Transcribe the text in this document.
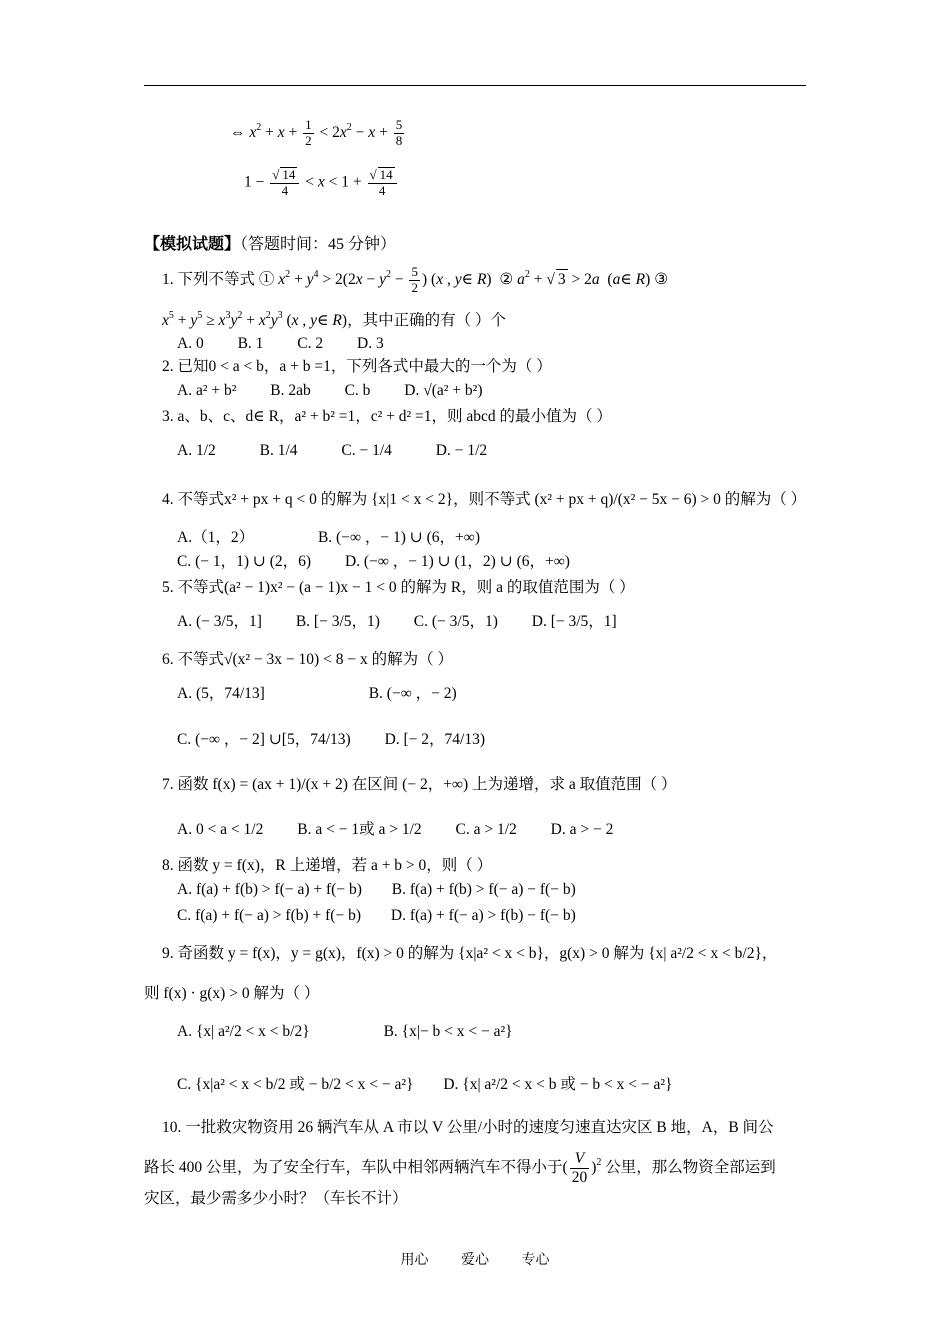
⇔ $x^2 + x + \frac{1}{2} < 2x^2 - x + \frac{5}{8}$
1 − √ $\frac{14}{4} < x < 1$ + √ $\frac{14}{4}$
【模拟试题】（答题时间：45 分钟）
1. 下列不等式 ① $x^2 + y^4 > 2(2x - y^2 - \frac{5}{2}$ ) (x , y∈ R)  ② $a^2$ + √ 3 > 2a  (a∈ R) ③
$x^5 + y^5 \ge x^3y^2 + x^2y^3$ (x , y∈ R)，其中正确的有（ ）个
A. 0 B. 1 C. 2 D. 3
2. 已知0 < a < b，a + b =1，下列各式中最大的一个为（ ）
A. a² + b² B. 2ab C. b D. √(a² + b²)
3. a、b、c、d∈ R，a² + b² =1，c² + d² =1，则 abcd 的最小值为（ ）
A. 1/2	B. 1/4	C. − 1/4	D. − 1/2
4. 不等式x² + px + q < 0 的解为 {x|1 < x < 2}，则不等式 (x² + px + q)/(x² − 5x − 6) > 0 的解为（ ）
A.（1，2）	B. (−∞ ，− 1) ∪ (6，+∞)
C. (− 1，1) ∪ (2，6) D. (−∞ ，− 1) ∪ (1，2) ∪ (6，+∞)
5. 不等式(a² − 1)x² − (a − 1)x − 1 < 0 的解为 R，则 a 的取值范围为（ ）
A. (− 3/5，1] B. [− 3/5，1) C. (− 3/5，1) D. [− 3/5，1]
6. 不等式√(x² − 3x − 10) < 8 − x 的解为（ ）
A. (5，74/13]	B. (−∞ ，− 2)
C. (−∞ ，− 2] ∪[5，74/13) D. [− 2，74/13)
7. 函数 f(x) = (ax + 1)/(x + 2) 在区间 (− 2，+∞) 上为递增，求 a 取值范围（ ）
A. 0 < a < 1/2 B. a < − 1或 a > 1/2 C. a > 1/2 D. a > − 2
8. 函数 y = f(x)，R 上递增，若 a + b > 0，则（ ）
A. f(a) + f(b) > f(− a) + f(− b) B. f(a) + f(b) > f(− a) − f(− b)
C. f(a) + f(− a) > f(b) + f(− b) D. f(a) + f(− a) > f(b) − f(− b)
9. 奇函数 y = f(x)，y = g(x)，f(x) > 0 的解为 {x|a² < x < b}，g(x) > 0 解为 {x| a²/2 < x < b/2}，
则 f(x) · g(x) > 0 解为（ ）
A. {x| a²/2 < x < b/2}	B. {x|− b < x < − a²}
C. {x|a² < x < b/2 或 − b/2 < x < − a²} D. {x| a²/2 < x < b 或 − b < x < − a²}
10. 一批救灾物资用 26 辆汽车从 A 市以 V 公里/小时的速度匀速直达灾区 B 地，A，B 间公
路长 400 公里，为了安全行车，车队中相邻两辆汽车不得小于( $\frac{V}{20} )^2$ 公里，那么物资全部运到
灾区，最少需多少小时？（车长不计）
用心 爱心 专心
